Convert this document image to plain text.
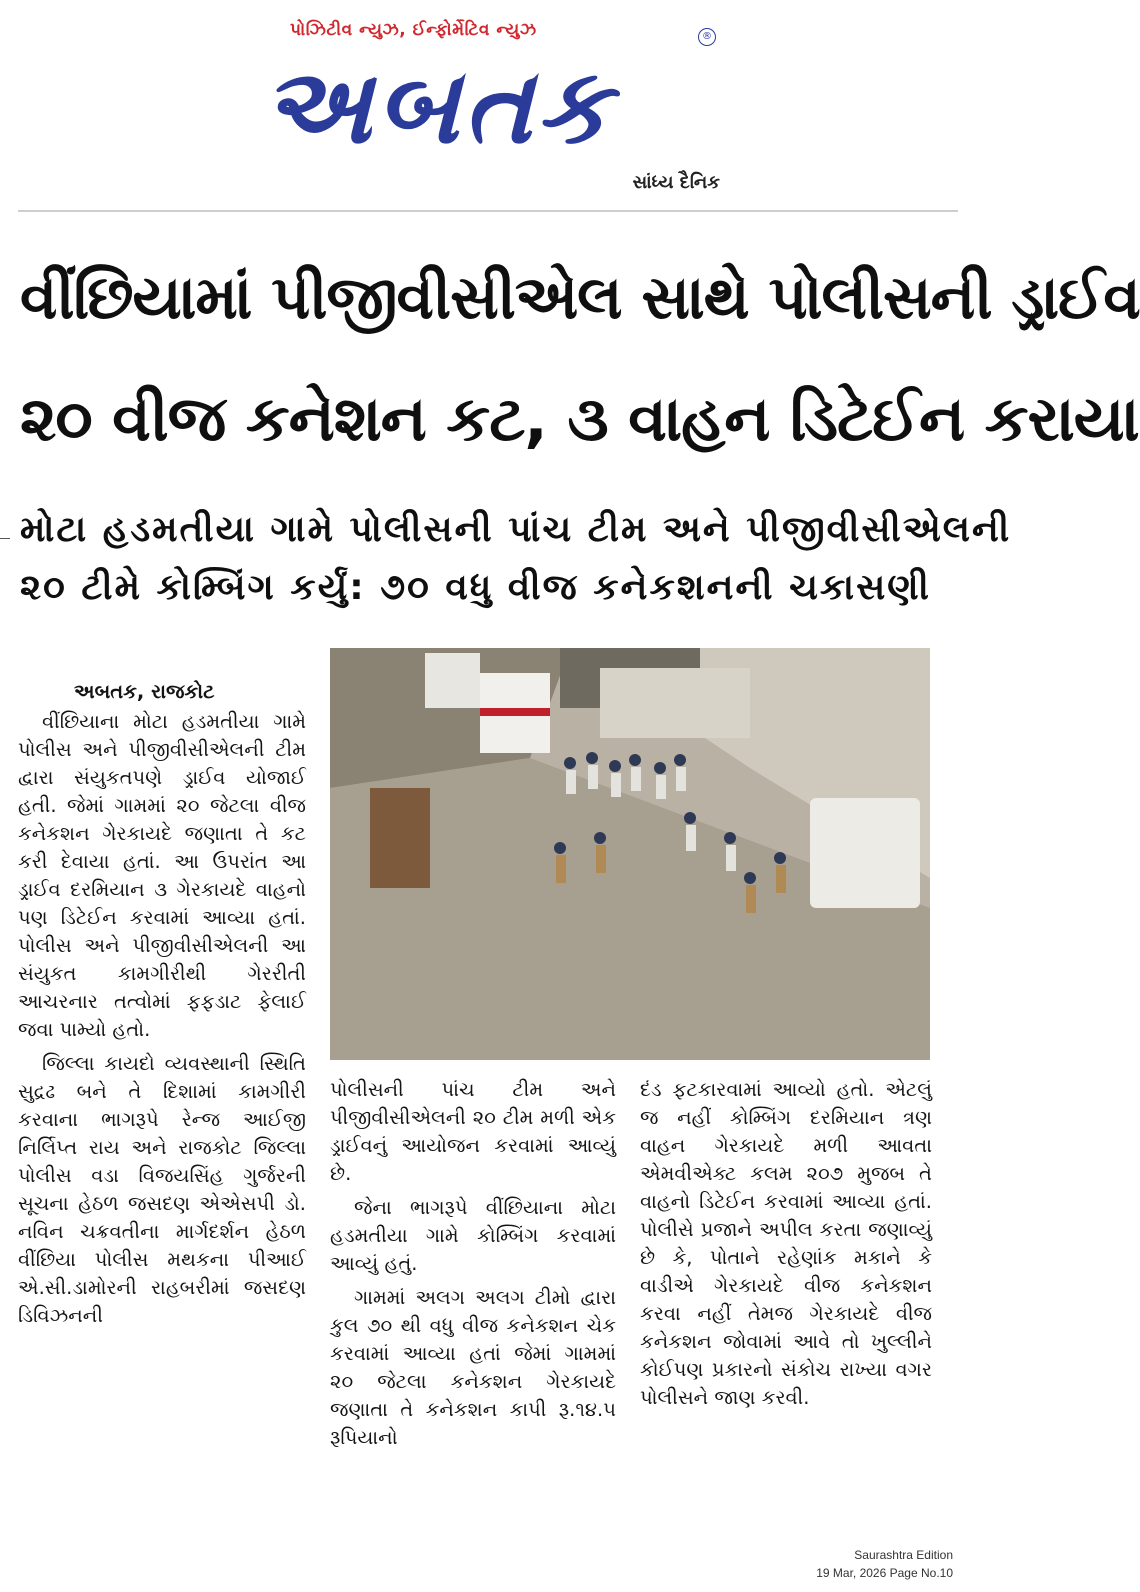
પોઝિટીવ ન્યુઝ, ઈન્ફોર્મેટિવ ન્યુઝ	®
અબતક
સાંધ્ય દૈનિક
વીંછિયામાં પીજીવીસીએલ સાથે પોલીસની ડ્રાઈવ
૨૦ વીજ કનેશન કટ, ૩ વાહન ડિટેઈન કરાયા
મોટા હડમતીયા ગામે પોલીસની પાંચ ટીમ અને પીજીવીસીએલની
૨૦ ટીમે કોમ્બિંગ કર્યું: ૭૦ વધુ વીજ કનેકશનની ચકાસણી
અબતક, રાજકોટ

વીંછિયાના મોટા હડમતીયા ગામે પોલીસ અને પીજીવીસીએલની ટીમ દ્વારા સંયુકતપણે ડ્રાઈવ યોજાઈ હતી. જેમાં ગામમાં ૨૦ જેટલા વીજ કનેકશન ગેરકાયદે જણાતા તે કટ કરી દેવાયા હતાં. આ ઉપરાંત આ ડ્રાઈવ દરમિયાન ૩ ગેરકાયદે વાહનો પણ ડિટેઈન કરવામાં આવ્યા હતાં. પોલીસ અને પીજીવીસીએલની આ સંયુકત કામગીરીથી ગેરરીતી આચરનાર તત્વોમાં ફફડાટ ફેલાઈ જવા પામ્યો હતો.

જિલ્લા કાયદો વ્યવસ્થાની સ્થિતિ સુદ્રઢ બને તે દિશામાં કામગીરી કરવાના ભાગરૂપે રેન્જ આઈજી નિર્લિપ્ત રાય અને રાજકોટ જિલ્લા પોલીસ વડા વિજયસિંહ ગુર્જરની સૂચના હેઠળ જસદણ એએસપી ડો. નવિન ચક્રવતીના માર્ગદર્શન હેઠળ વીંછિયા પોલીસ મથકના પીઆઈ એ.સી.ડામોરની રાહબરીમાં જસદણ ડિવિઝનની

પોલીસની પાંચ ટીમ અને પીજીવીસીએલની ૨૦ ટીમ મળી એક ડ્રાઈવનું આયોજન કરવામાં આવ્યું છે.

જેના ભાગરૂપે વીંછિયાના મોટા હડમતીયા ગામે કોમ્બિંગ કરવામાં આવ્યું હતું.

ગામમાં અલગ અલગ ટીમો દ્વારા કુલ ૭૦ થી વધુ વીજ કનેકશન ચેક કરવામાં આવ્યા હતાં જેમાં ગામમાં ૨૦ જેટલા કનેકશન ગેરકાયદે જણાતા તે કનેકશન કાપી રૂ.૧૪.૫ રૂપિયાનો

દંડ ફટકારવામાં આવ્યો હતો. એટલું જ નહીં કોમ્બિંગ દરમિયાન ત્રણ વાહન ગેરકાયદે મળી આવતા એમવીએક્ટ કલમ ૨૦૭ મુજબ તે વાહનો ડિટેઈન કરવામાં આવ્યા હતાં. પોલીસે પ્રજાને અપીલ કરતા જણાવ્યું છે કે, પોતાને રહેણાંક મકાને કે વાડીએ ગેરકાયદે વીજ કનેકશન કરવા નહીં તેમજ ગેરકાયદે વીજ કનેકશન જોવામાં આવે તો ખુલ્લીને કોઈપણ પ્રકારનો સંકોચ રાખ્યા વગર પોલીસને જાણ કરવી.

Saurashtra Edition
19 Mar, 2026 Page No.10
